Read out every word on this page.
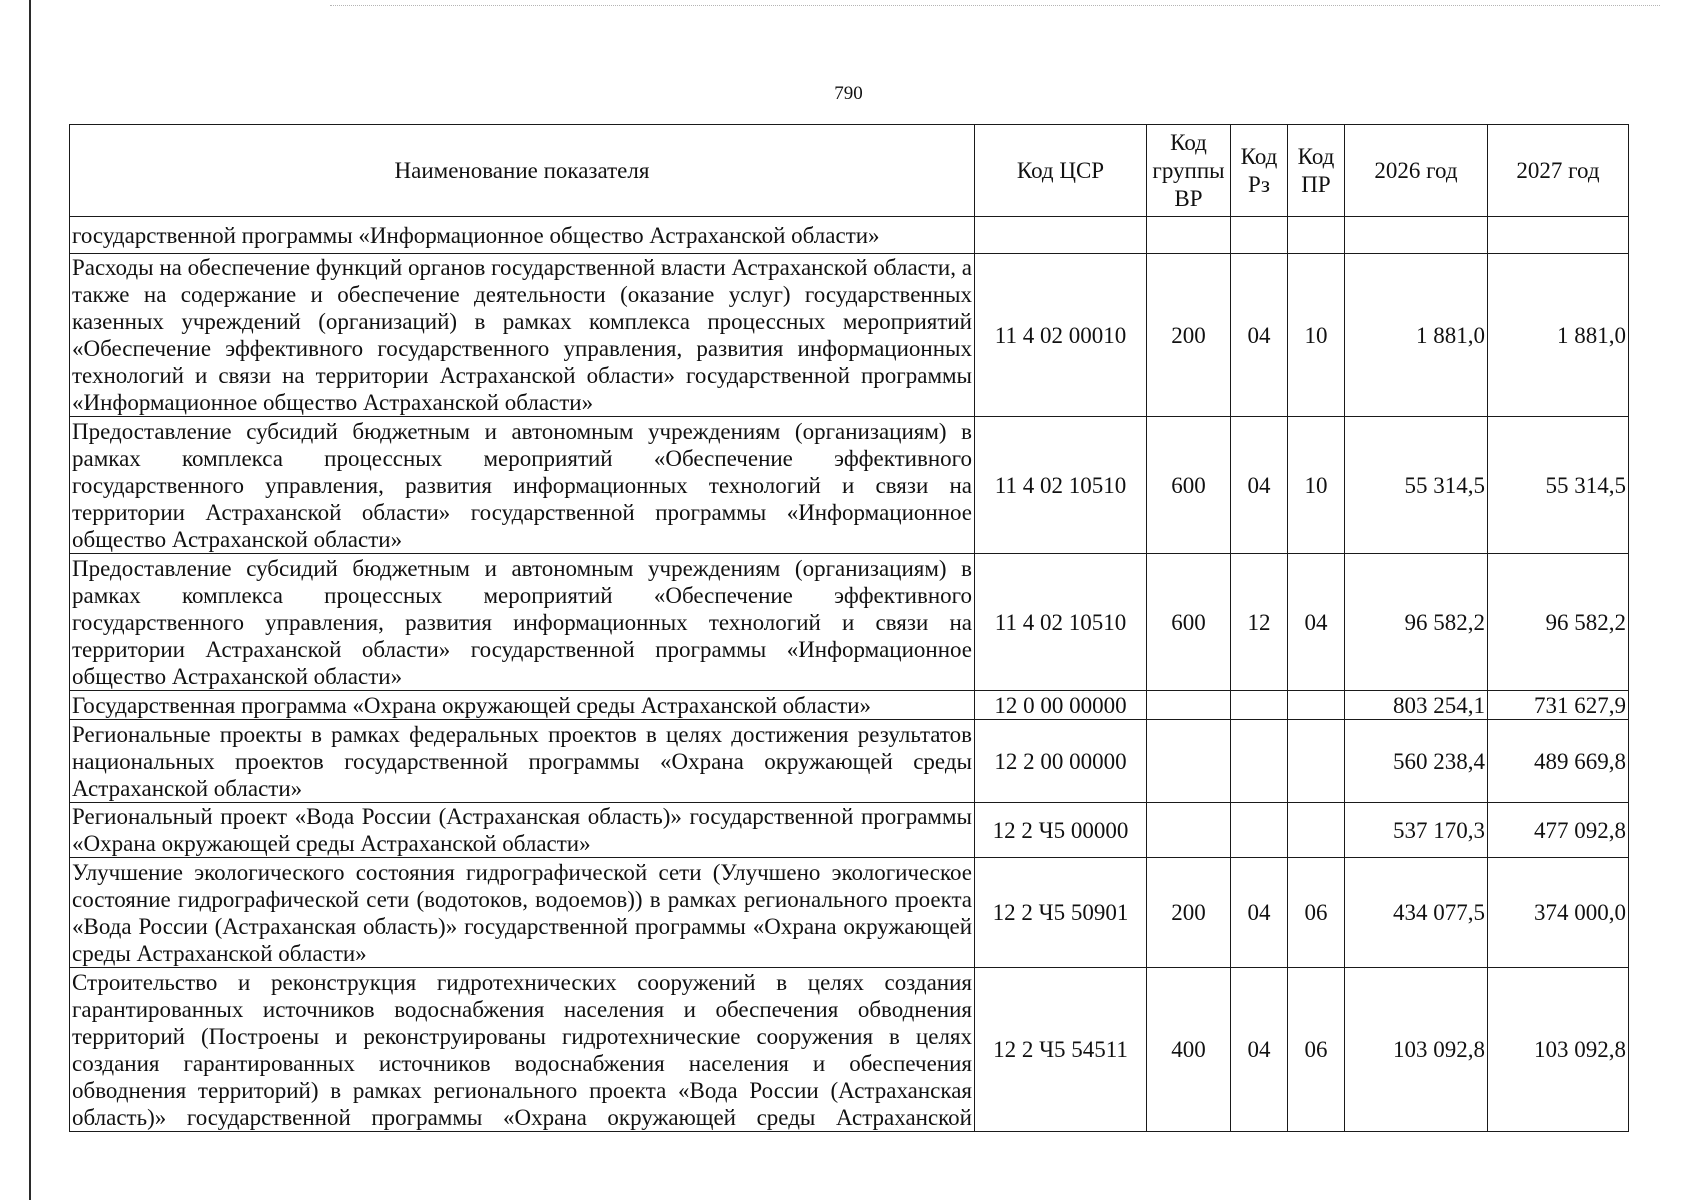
790
Наименование показателя	Код ЦСР	Код группы ВР	Код Рз	Код ПР	2026 год	2027 год
государственной программы «Информационное общество Астраханской области»						
Расходы на обеспечение функций органов государственной власти Астраханской области, а также на содержание и обеспечение деятельности (оказание услуг) государственных казенных учреждений (организаций) в рамках комплекса процессных мероприятий «Обеспечение эффективного государственного управления, развития информационных технологий и связи на территории Астраханской области» государственной программы «Информационное общество Астраханской области»	11 4 02 00010	200	04	10	1 881,0	1 881,0
Предоставление субсидий бюджетным и автономным учреждениям (организациям) в рамках комплекса процессных мероприятий «Обеспечение эффективного государственного управления, развития информационных технологий и связи на территории Астраханской области» государственной программы «Информационное общество Астраханской области»	11 4 02 10510	600	04	10	55 314,5	55 314,5
Предоставление субсидий бюджетным и автономным учреждениям (организациям) в рамках комплекса процессных мероприятий «Обеспечение эффективного государственного управления, развития информационных технологий и связи на территории Астраханской области» государственной программы «Информационное общество Астраханской области»	11 4 02 10510	600	12	04	96 582,2	96 582,2
Государственная программа «Охрана окружающей среды Астраханской области»	12 0 00 00000				803 254,1	731 627,9
Региональные проекты в рамках федеральных проектов в целях достижения результатов национальных проектов государственной программы «Охрана окружающей среды Астраханской области»	12 2 00 00000				560 238,4	489 669,8
Региональный проект «Вода России (Астраханская область)» государственной программы «Охрана окружающей среды Астраханской области»	12 2 Ч5 00000				537 170,3	477 092,8
Улучшение экологического состояния гидрографической сети (Улучшено экологическое состояние гидрографической сети (водотоков, водоемов)) в рамках регионального проекта «Вода России (Астраханская область)» государственной программы «Охрана окружающей среды Астраханской области»	12 2 Ч5 50901	200	04	06	434 077,5	374 000,0
Строительство и реконструкция гидротехнических сооружений в целях создания гарантированных источников водоснабжения населения и обеспечения обводнения территорий (Построены и реконструированы гидротехнические сооружения в целях создания гарантированных источников водоснабжения населения и обеспечения обводнения территорий) в рамках регионального проекта «Вода России (Астраханская область)» государственной программы «Охрана окружающей среды Астраханской	12 2 Ч5 54511	400	04	06	103 092,8	103 092,8
